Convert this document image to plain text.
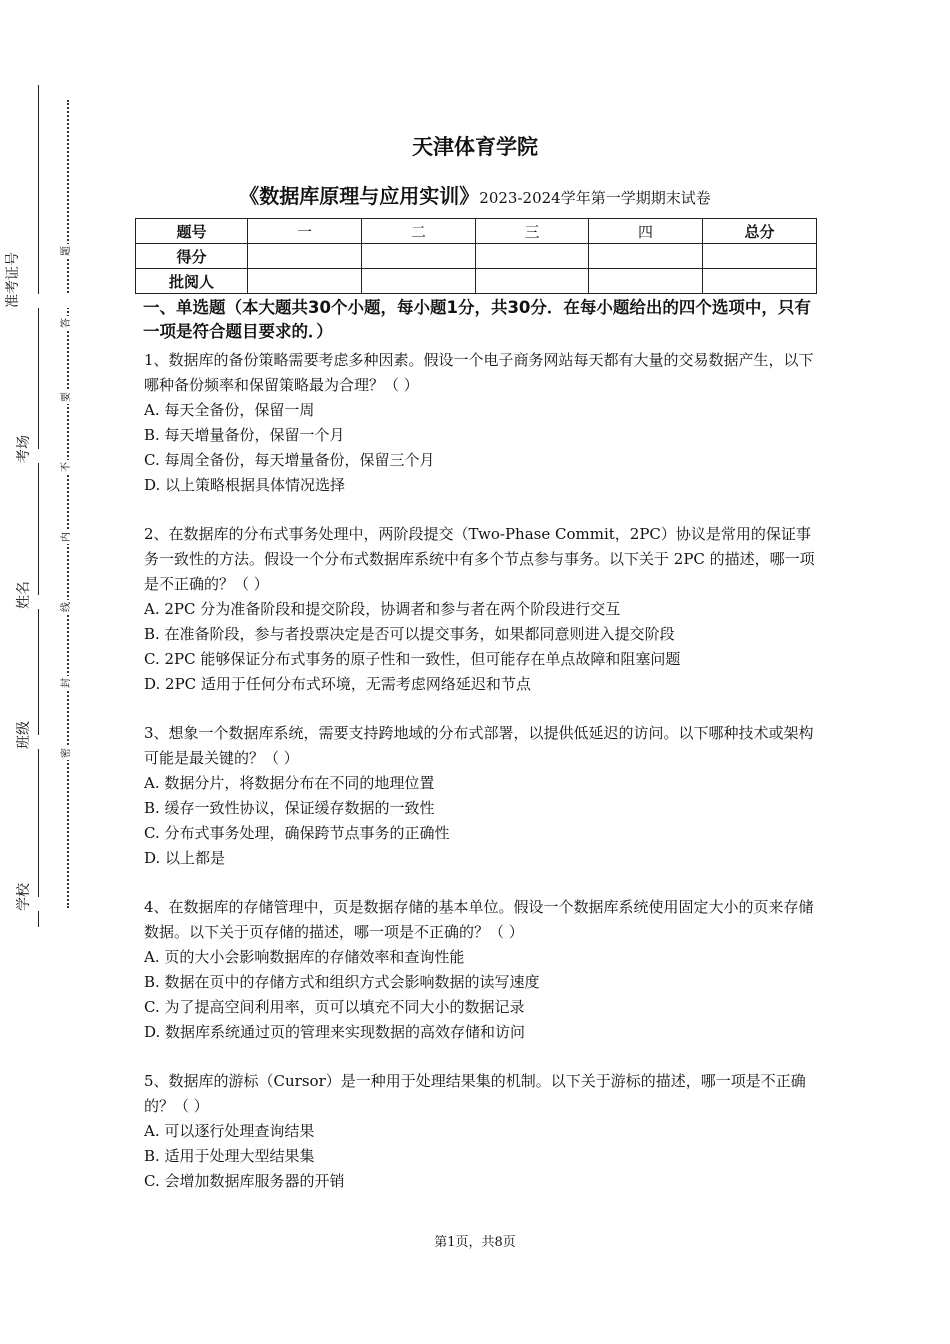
学校
班级
姓名
考场
准考证号
密
封
线
内
不
要
答
题
天津体育学院
《数据库原理与应用实训》2023-2024学年第一学期期末试卷
题号	一	二	三	四	总分
得分					
批阅人					
一、单选题（本大题共30个小题，每小题1分，共30分．在每小题给出的四个选项中，只有一项是符合题目要求的．）

1、数据库的备份策略需要考虑多种因素。假设一个电子商务网站每天都有大量的交易数据产生，以下哪种备份频率和保留策略最为合理？（ ）

A. 每天全备份，保留一周

B. 每天增量备份，保留一个月

C. 每周全备份，每天增量备份，保留三个月

D. 以上策略根据具体情况选择

2、在数据库的分布式事务处理中，两阶段提交（Two-Phase Commit，2PC）协议是常用的保证事务一致性的方法。假设一个分布式数据库系统中有多个节点参与事务。以下关于 2PC 的描述，哪一项是不正确的？（ ）

A. 2PC 分为准备阶段和提交阶段，协调者和参与者在两个阶段进行交互

B. 在准备阶段，参与者投票决定是否可以提交事务，如果都同意则进入提交阶段

C. 2PC 能够保证分布式事务的原子性和一致性，但可能存在单点故障和阻塞问题

D. 2PC 适用于任何分布式环境，无需考虑网络延迟和节点

3、想象一个数据库系统，需要支持跨地域的分布式部署，以提供低延迟的访问。以下哪种技术或架构可能是最关键的？（ ）

A. 数据分片，将数据分布在不同的地理位置

B. 缓存一致性协议，保证缓存数据的一致性

C. 分布式事务处理，确保跨节点事务的正确性

D. 以上都是

4、在数据库的存储管理中，页是数据存储的基本单位。假设一个数据库系统使用固定大小的页来存储数据。以下关于页存储的描述，哪一项是不正确的？（ ）

A. 页的大小会影响数据库的存储效率和查询性能

B. 数据在页中的存储方式和组织方式会影响数据的读写速度

C. 为了提高空间利用率，页可以填充不同大小的数据记录

D. 数据库系统通过页的管理来实现数据的高效存储和访问

5、数据库的游标（Cursor）是一种用于处理结果集的机制。以下关于游标的描述，哪一项是不正确的？（ ）

A. 可以逐行处理查询结果

B. 适用于处理大型结果集

C. 会增加数据库服务器的开销

第1页，共8页
